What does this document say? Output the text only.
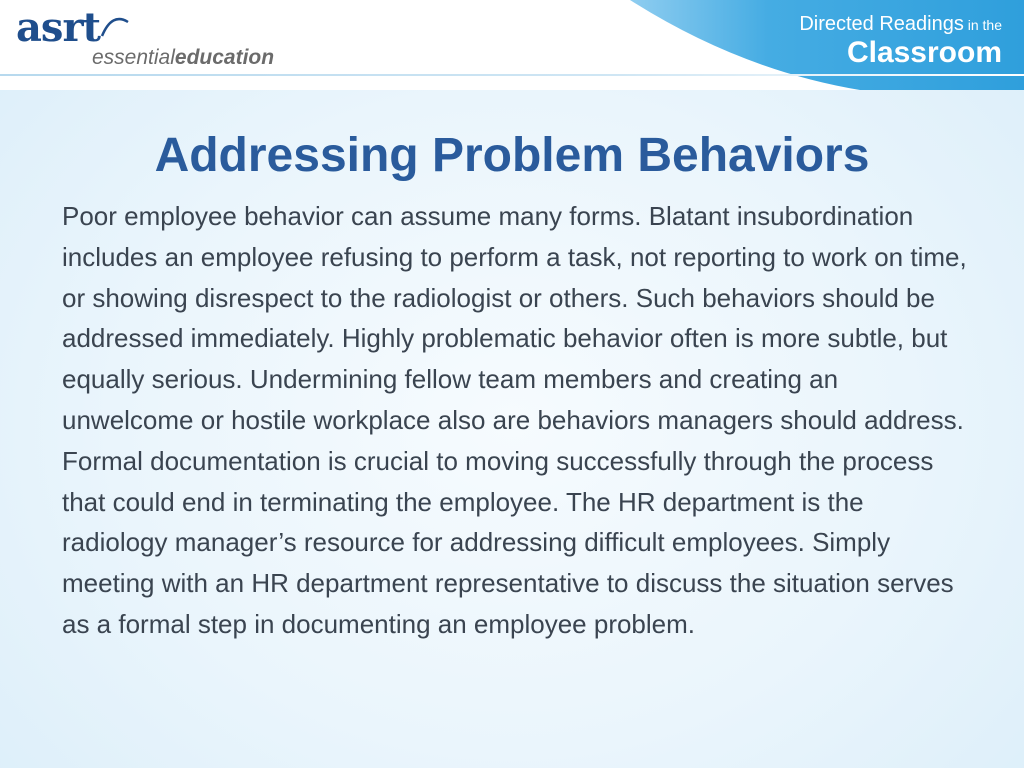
asrt
essentialeducation
Directed Readings in the
Classroom
Addressing Problem Behaviors

Poor employee behavior can assume many forms. Blatant insubordination includes an employee refusing to perform a task, not reporting to work on time, or showing disrespect to the radiologist or others. Such behaviors should be addressed immediately. Highly problematic behavior often is more subtle, but equally serious. Undermining fellow team members and creating an unwelcome or hostile workplace also are behaviors managers should address. Formal documentation is crucial to moving successfully through the process that could end in terminating the employee. The HR department is the radiology manager’s resource for addressing difficult employees. Simply meeting with an HR department representative to discuss the situation serves as a formal step in documenting an employee problem.
